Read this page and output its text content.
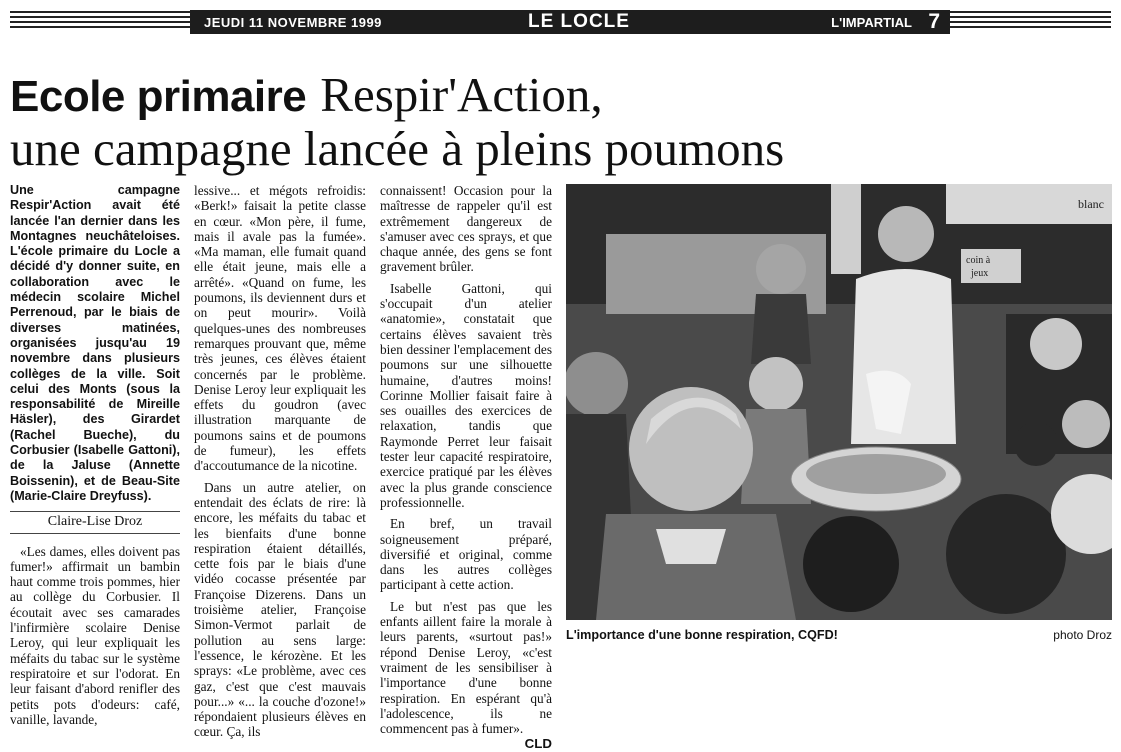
JEUDI 11 NOVEMBRE 1999	LE LOCLE	L'IMPARTIAL 7
Ecole primaire Respir'Action,
une campagne lancée à pleins poumons

Une campagne Respir'Action avait été lancée l'an dernier dans les Montagnes neuchâteloises. L'école primaire du Locle a décidé d'y donner suite, en collaboration avec le médecin scolaire Michel Perrenoud, par le biais de diverses matinées, organisées jusqu'au 19 novembre dans plusieurs collèges de la ville. Soit celui des Monts (sous la responsabilité de Mireille Häsler), des Girardet (Rachel Bueche), du Corbusier (Isabelle Gattoni), de la Jaluse (Annette Boissenin), et de Beau-Site (Marie-Claire Dreyfuss).

Claire-Lise Droz

«Les dames, elles doivent pas fumer!» affirmait un bambin haut comme trois pommes, hier au collège du Corbusier. Il écoutait avec ses camarades l'infirmière scolaire Denise Leroy, qui leur expliquait les méfaits du tabac sur le système respiratoire et sur l'odorat. En leur faisant d'abord renifler des petits pots d'odeurs: café, vanille, lavande,

lessive... et mégots refroidis: «Berk!» faisait la petite classe en cœur. «Mon père, il fume, mais il avale pas la fumée». «Ma maman, elle fumait quand elle était jeune, mais elle a arrêté». «Quand on fume, les poumons, ils deviennent durs et on peut mourir». Voilà quelques-unes des nombreuses remarques prouvant que, même très jeunes, ces élèves étaient concernés par le problème. Denise Leroy leur expliquait les effets du goudron (avec illustration marquante de poumons sains et de poumons de fumeur), les effets d'accoutumance de la nicotine.

Dans un autre atelier, on entendait des éclats de rire: là encore, les méfaits du tabac et les bienfaits d'une bonne respiration étaient détaillés, cette fois par le biais d'une vidéo cocasse présentée par Françoise Dizerens. Dans un troisième atelier, Françoise Simon-Vermot parlait de pollution au sens large: l'essence, le kérozène. Et les sprays: «Le problème, avec ces gaz, c'est que c'est mauvais pour...» «... la couche d'ozone!» répondaient plusieurs élèves en cœur. Ça, ils

connaissent! Occasion pour la maîtresse de rappeler qu'il est extrêmement dangereux de s'amuser avec ces sprays, et que chaque année, des gens se font gravement brûler.

Isabelle Gattoni, qui s'occupait d'un atelier «anatomie», constatait que certains élèves savaient très bien dessiner l'emplacement des poumons sur une silhouette humaine, d'autres moins! Corinne Mollier faisait faire à ses ouailles des exercices de relaxation, tandis que Raymonde Perret leur faisait tester leur capacité respiratoire, exercice pratiqué par les élèves avec la plus grande conscience professionnelle.

En bref, un travail soigneusement préparé, diversifié et original, comme dans les autres collèges participant à cette action.

Le but n'est pas que les enfants aillent faire la morale à leurs parents, «surtout pas!» répond Denise Leroy, «c'est vraiment de les sensibiliser à l'importance d'une bonne respiration. En espérant qu'à l'adolescence, ils ne commencent pas à fumer».
CLD

blanc
coin à
jeux
L'importance d'une bonne respiration, CQFD!	photo Droz
